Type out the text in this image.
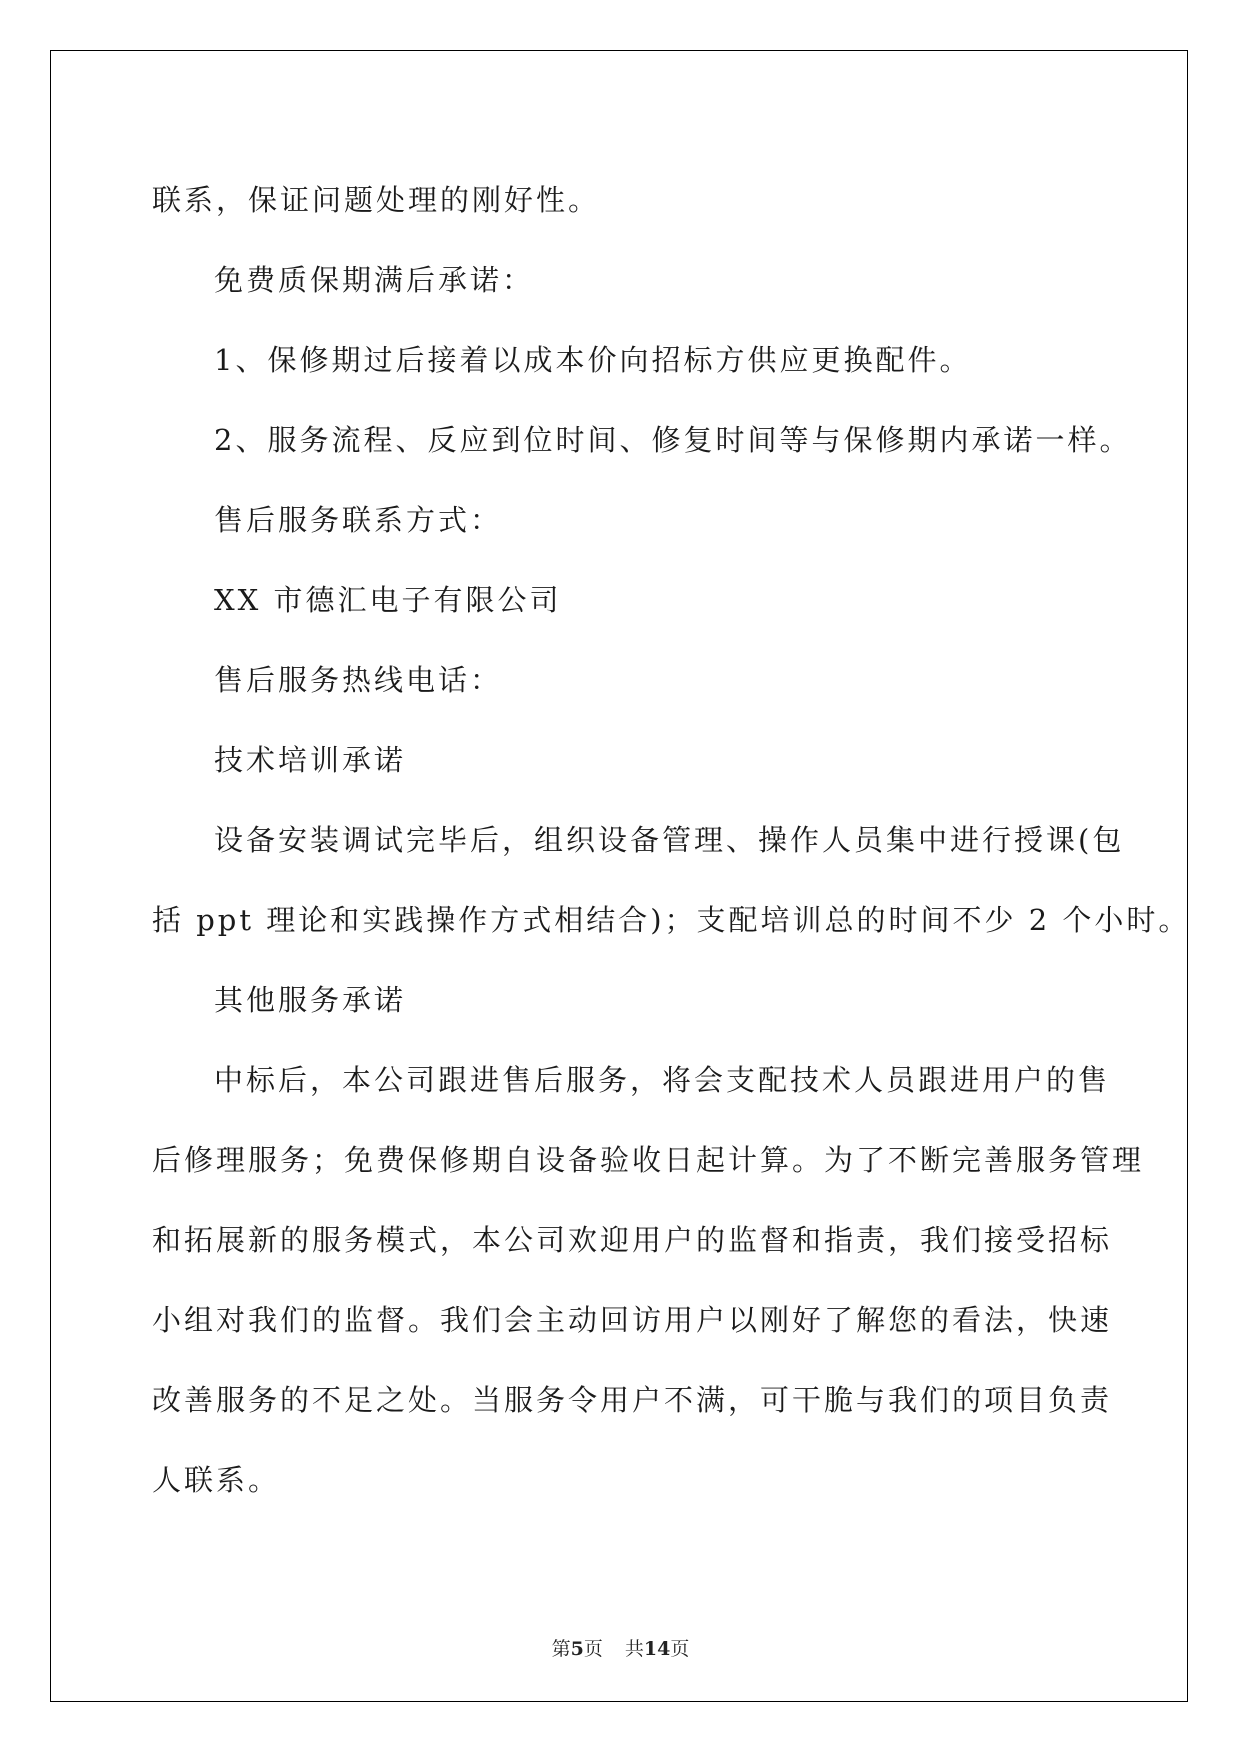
联系，保证问题处理的刚好性。
免费质保期满后承诺：
1、保修期过后接着以成本价向招标方供应更换配件。
2、服务流程、反应到位时间、修复时间等与保修期内承诺一样。
售后服务联系方式：
XX 市德汇电子有限公司
售后服务热线电话：
技术培训承诺
设备安装调试完毕后，组织设备管理、操作人员集中进行授课(包
括 ppt 理论和实践操作方式相结合)；支配培训总的时间不少 2 个小时。
其他服务承诺
中标后，本公司跟进售后服务，将会支配技术人员跟进用户的售
后修理服务；免费保修期自设备验收日起计算。为了不断完善服务管理
和拓展新的服务模式，本公司欢迎用户的监督和指责，我们接受招标
小组对我们的监督。我们会主动回访用户以刚好了解您的看法，快速
改善服务的不足之处。当服务令用户不满，可干脆与我们的项目负责
人联系。
第5页 共14页
